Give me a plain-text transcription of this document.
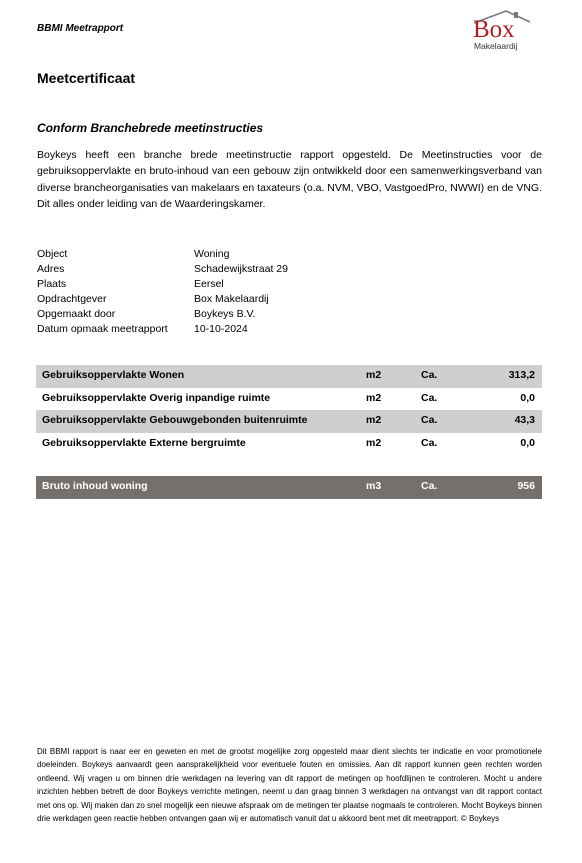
BBMI Meetrapport	Box
Makelaardij
Meetcertificaat
Conform Branchebrede meetinstructies
Boykeys heeft een branche brede meetinstructie rapport opgesteld. De Meetinstructies voor de gebruiksoppervlakte en bruto-inhoud van een gebouw zijn ontwikkeld door een samenwerkingsverband van diverse brancheorganisaties van makelaars en taxateurs (o.a. NVM, VBO, VastgoedPro, NWWI) en de VNG. Dit alles onder leiding van de Waarderingskamer.
Object	Woning
Adres	Schadewijkstraat 29
Plaats	Eersel
Opdrachtgever	Box Makelaardij
Opgemaakt door	Boykeys B.V.
Datum opmaak meetrapport	10-10-2024
Gebruiksoppervlakte Wonen	m2	Ca.	313,2
Gebruiksoppervlakte Overig inpandige ruimte	m2	Ca.	0,0
Gebruiksoppervlakte Gebouwgebonden buitenruimte	m2	Ca.	43,3
Gebruiksoppervlakte Externe bergruimte	m2	Ca.	0,0
Bruto inhoud woning	m3	Ca.	956
Dit BBMI rapport is naar eer en geweten en met de grootst mogelijke zorg opgesteld maar dient slechts ter indicatie en voor promotionele doeleinden. Boykeys aanvaardt geen aansprakelijkheid voor eventuele fouten en omissies. Aan dit rapport kunnen geen rechten worden ontleend. Wij vragen u om binnen drie werkdagen na levering van dit rapport de metingen op hoofdlijnen te controleren. Mocht u andere inzichten hebben betreft de door Boykeys verrichte metingen, neemt u dan graag binnen 3 werkdagen na ontvangst van dit rapport contact met ons op. Wij maken dan zo snel mogelijk een nieuwe afspraak om de metingen ter plaatse nogmaals te controleren. Mocht Boykeys binnen drie werkdagen geen reactie hebben ontvangen gaan wij er automatisch vanuit dat u akkoord bent met dit meetrapport. © Boykeys
